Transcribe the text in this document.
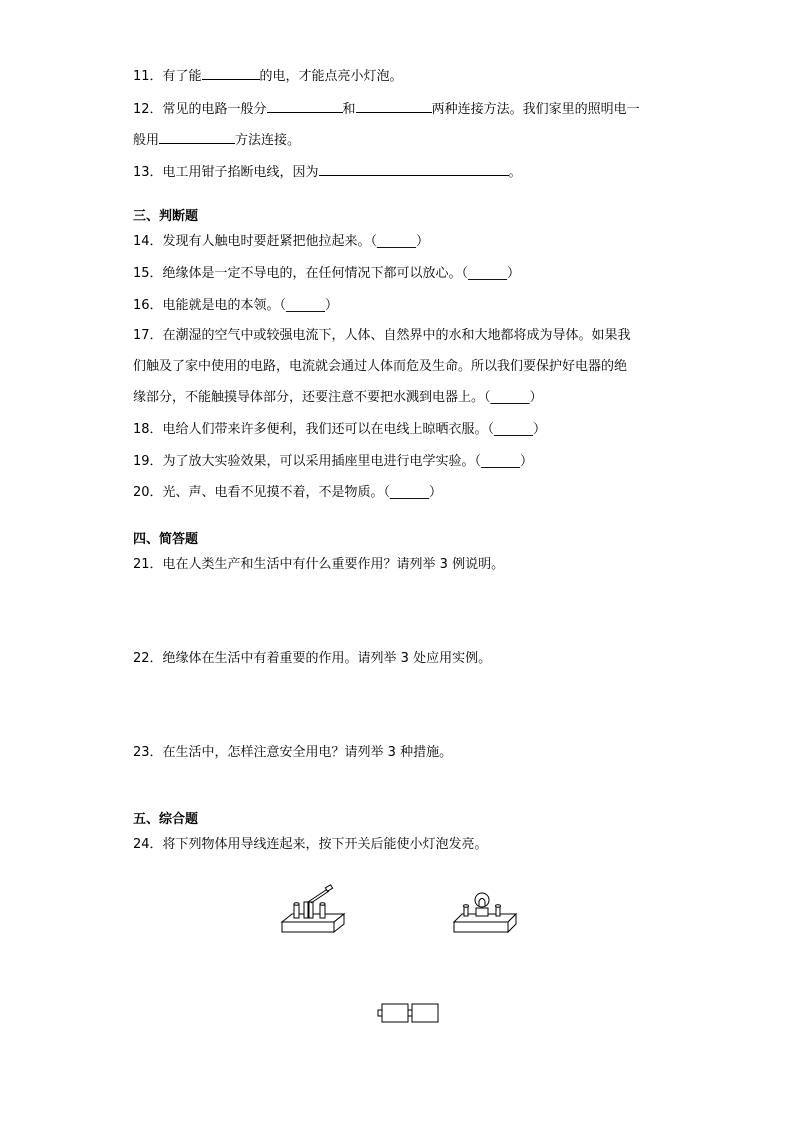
11．有了能	的电，才能点亮小灯泡。
12．常见的电路一般分	和	两种连接方法。我们家里的照明电一
般用	方法连接。
13．电工用钳子掐断电线，因为	。
三、判断题
14．发现有人触电时要赶紧把他拉起来。（______）
15．绝缘体是一定不导电的，在任何情况下都可以放心。（______）
16．电能就是电的本领。（______）
17．在潮湿的空气中或较强电流下，人体、自然界中的水和大地都将成为导体。如果我
们触及了家中使用的电路，电流就会通过人体而危及生命。所以我们要保护好电器的绝
缘部分，不能触摸导体部分，还要注意不要把水溅到电器上。（______）
18．电给人们带来许多便利，我们还可以在电线上晾晒衣服。（______）
19．为了放大实验效果，可以采用插座里电进行电学实验。（______）
20．光、声、电看不见摸不着，不是物质。（______）
四、简答题
21．电在人类生产和生活中有什么重要作用？请列举 3 例说明。
22．绝缘体在生活中有着重要的作用。请列举 3 处应用实例。
23．在生活中，怎样注意安全用电？请列举 3 种措施。
五、综合题
24．将下列物体用导线连起来，按下开关后能使小灯泡发亮。
